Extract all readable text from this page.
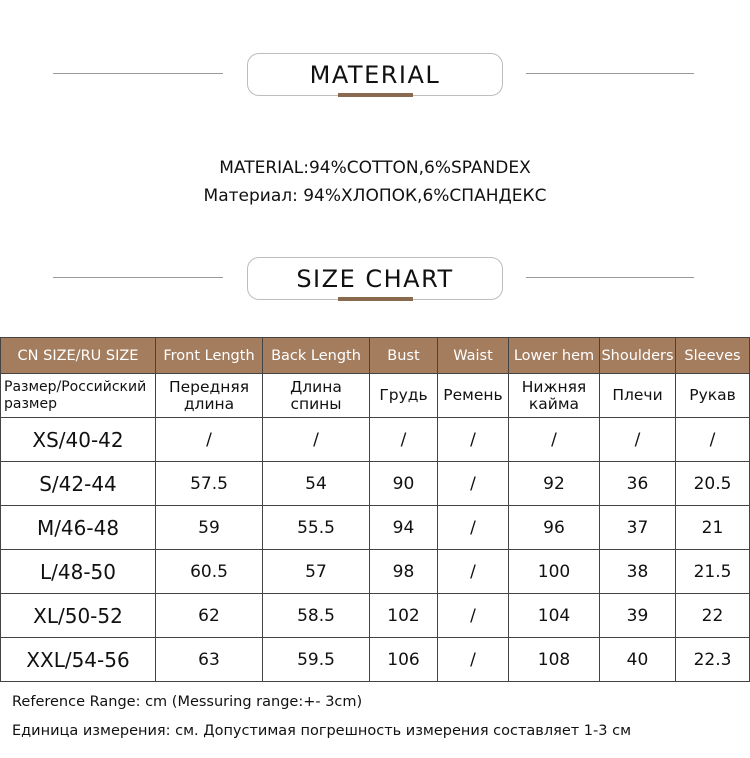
MATERIAL
MATERIAL:94%COTTON,6%SPANDEX
Материал: 94%ХЛОПОК,6%СПАНДЕКС
SIZE CHART
CN SIZE/RU SIZE	Front Length	Back Length	Bust	Waist	Lower hem	Shoulders	Sleeves
Размер/Российский размер	Передняя длина	Длина спины	Грудь	Ремень	Нижняя кайма	Плечи	Рукав
XS/40-42	/	/	/	/	/	/	/
S/42-44	57.5	54	90	/	92	36	20.5
M/46-48	59	55.5	94	/	96	37	21
L/48-50	60.5	57	98	/	100	38	21.5
XL/50-52	62	58.5	102	/	104	39	22
XXL/54-56	63	59.5	106	/	108	40	22.3
Reference Range: cm (Messuring range:+- 3cm)
Единица измерения: см. Допустимая погрешность измерения составляет 1-3 см
